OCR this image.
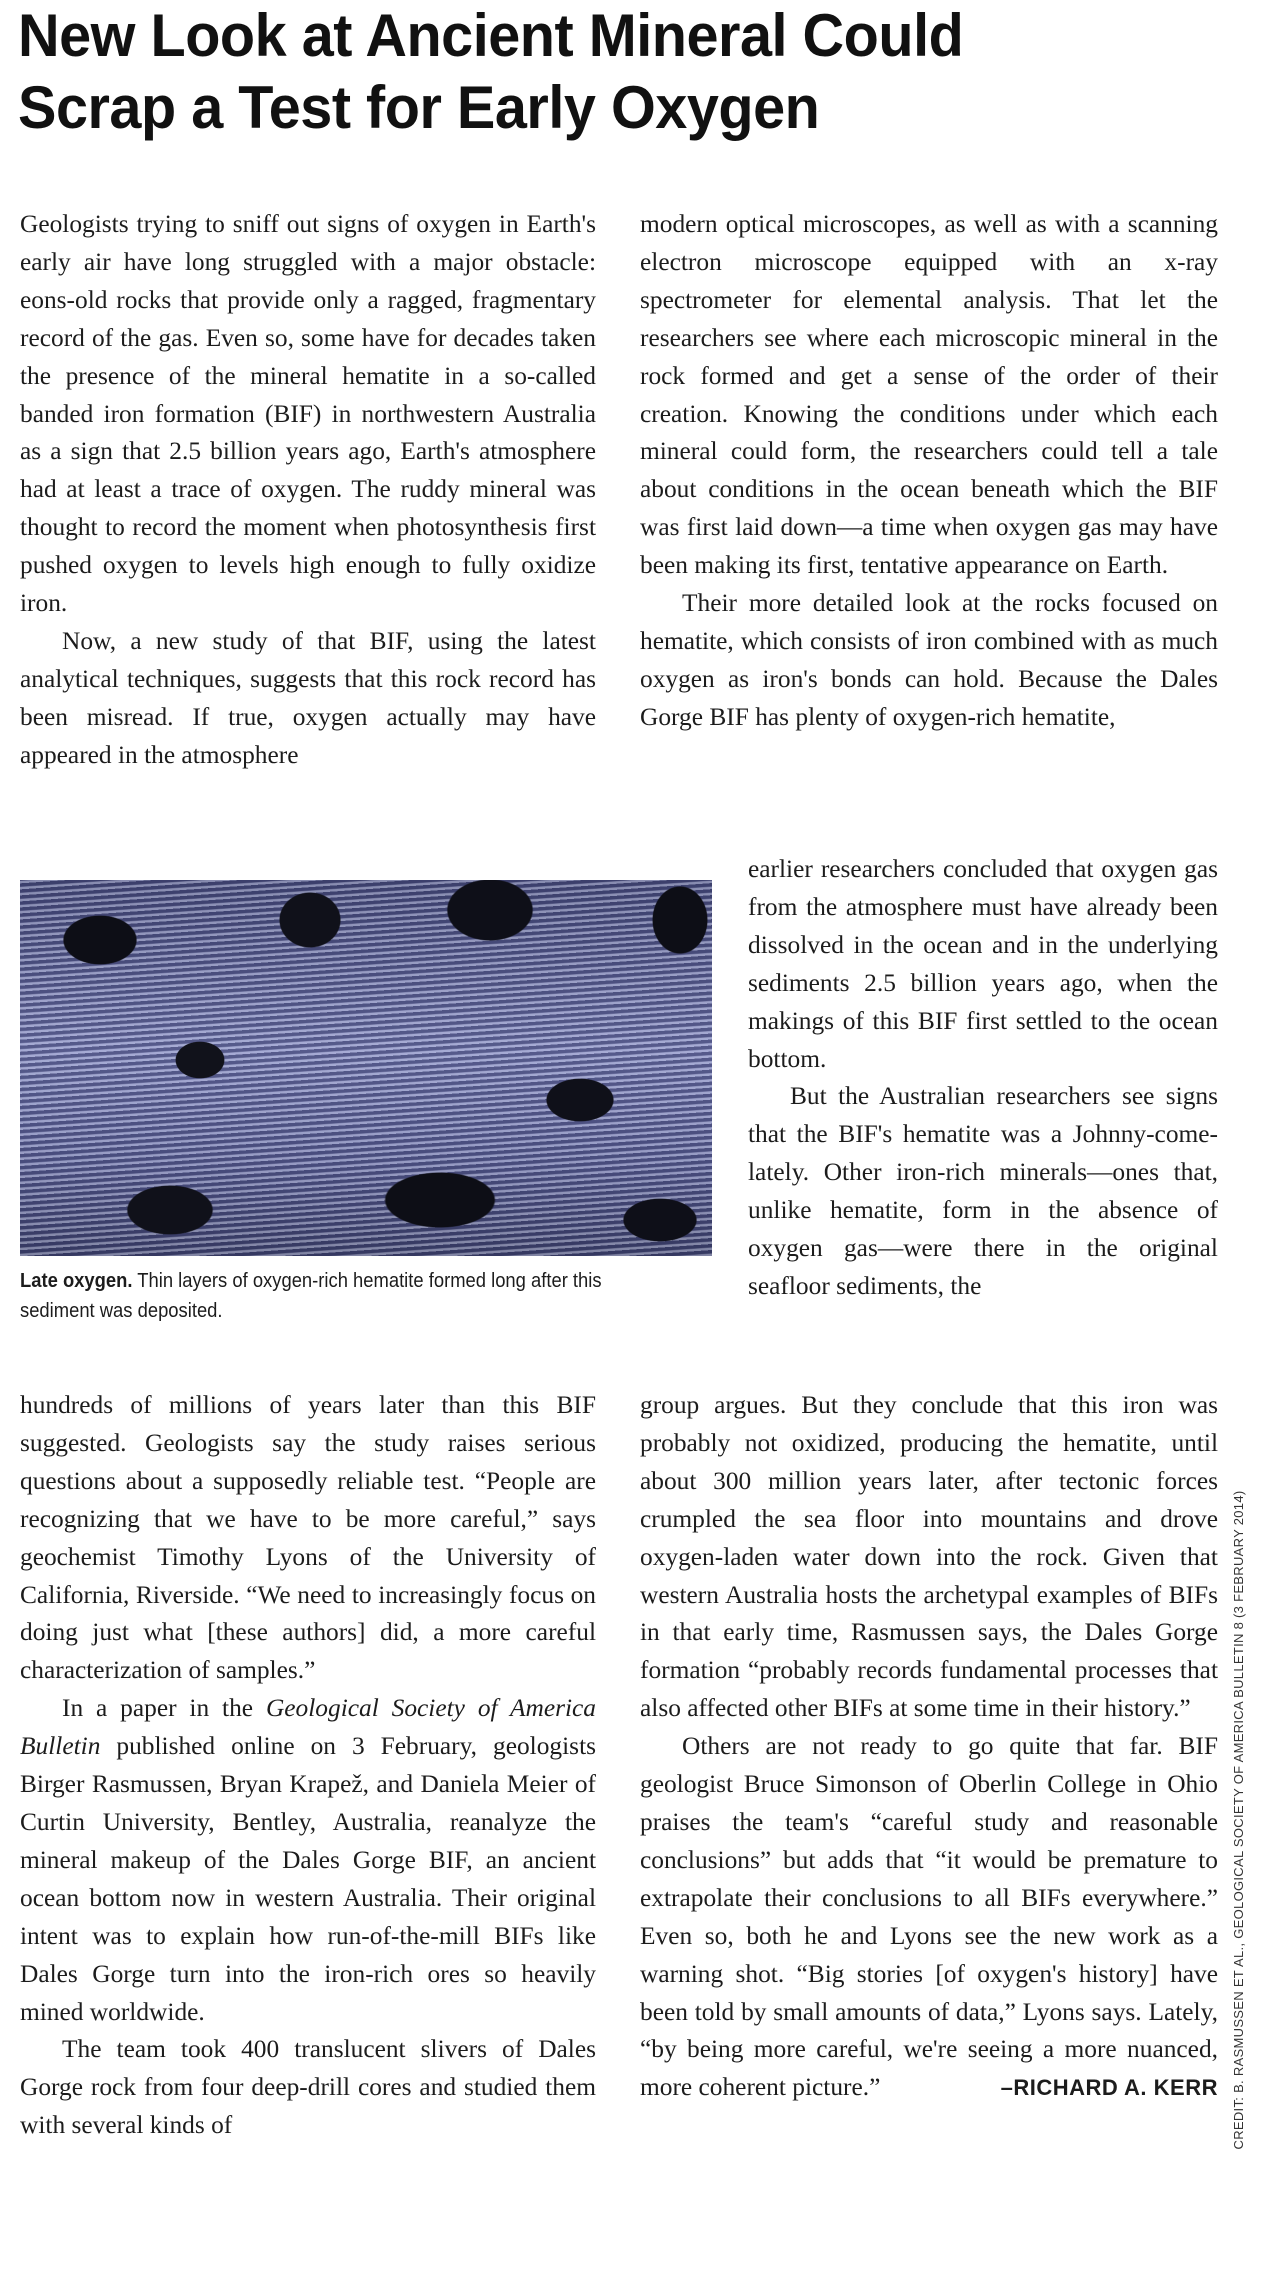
New Look at Ancient Mineral Could
Scrap a Test for Early Oxygen

Geologists trying to sniff out signs of oxygen in Earth's early air have long struggled with a major obstacle: eons-old rocks that provide only a ragged, fragmentary record of the gas. Even so, some have for decades taken the presence of the mineral hematite in a so-called banded iron formation (BIF) in northwestern Australia as a sign that 2.5 billion years ago, Earth's atmosphere had at least a trace of oxygen. The ruddy mineral was thought to record the moment when photosynthesis first pushed oxygen to levels high enough to fully oxidize iron.

Now, a new study of that BIF, using the latest analytical techniques, suggests that this rock record has been misread. If true, oxygen actually may have appeared in the atmosphere

Late oxygen. Thin layers of oxygen-rich hematite formed long after this sediment was deposited.

hundreds of millions of years later than this BIF suggested. Geologists say the study raises serious questions about a supposedly reliable test. “People are recognizing that we have to be more careful,” says geochemist Timothy Lyons of the University of California, Riverside. “We need to increasingly focus on doing just what [these authors] did, a more careful characterization of samples.”

In a paper in the Geological Society of America Bulletin published online on 3 February, geologists Birger Rasmussen, Bryan Krapež, and Daniela Meier of Curtin University, Bentley, Australia, reanalyze the mineral makeup of the Dales Gorge BIF, an ancient ocean bottom now in western Australia. Their original intent was to explain how run-of-the-mill BIFs like Dales Gorge turn into the iron-rich ores so heavily mined worldwide.

The team took 400 translucent slivers of Dales Gorge rock from four deep-drill cores and studied them with several kinds of

modern optical microscopes, as well as with a scanning electron microscope equipped with an x-ray spectrometer for elemental analysis. That let the researchers see where each microscopic mineral in the rock formed and get a sense of the order of their creation. Knowing the conditions under which each mineral could form, the researchers could tell a tale about conditions in the ocean beneath which the BIF was first laid down—a time when oxygen gas may have been making its first, tentative appearance on Earth.

Their more detailed look at the rocks focused on hematite, which consists of iron combined with as much oxygen as iron's bonds can hold. Because the Dales Gorge BIF has plenty of oxygen-rich hematite,

earlier researchers concluded that oxygen gas from the atmosphere must have already been dissolved in the ocean and in the underlying sediments 2.5 billion years ago, when the makings of this BIF first settled to the ocean bottom.

But the Australian researchers see signs that the BIF's hematite was a Johnny-come-lately. Other iron-rich minerals—ones that, unlike hematite, form in the absence of oxygen gas—were there in the original seafloor sediments, the

group argues. But they conclude that this iron was probably not oxidized, producing the hematite, until about 300 million years later, after tectonic forces crumpled the sea floor into mountains and drove oxygen-laden water down into the rock. Given that western Australia hosts the archetypal examples of BIFs in that early time, Rasmussen says, the Dales Gorge formation “probably records fundamental processes that also affected other BIFs at some time in their history.”

Others are not ready to go quite that far. BIF geologist Bruce Simonson of Oberlin College in Ohio praises the team's “careful study and reasonable conclusions” but adds that “it would be premature to extrapolate their conclusions to all BIFs everywhere.” Even so, both he and Lyons see the new work as a warning shot. “Big stories [of oxygen's history] have been told by small amounts of data,” Lyons says. Lately, “by being more careful, we're seeing a more nuanced, more coherent picture.”	–RICHARD A. KERR CREDIT: B. RASMUSSEN ET AL., GEOLOGICAL SOCIETY OF AMERICA BULLETIN 8 (3 FEBRUARY 2014)
